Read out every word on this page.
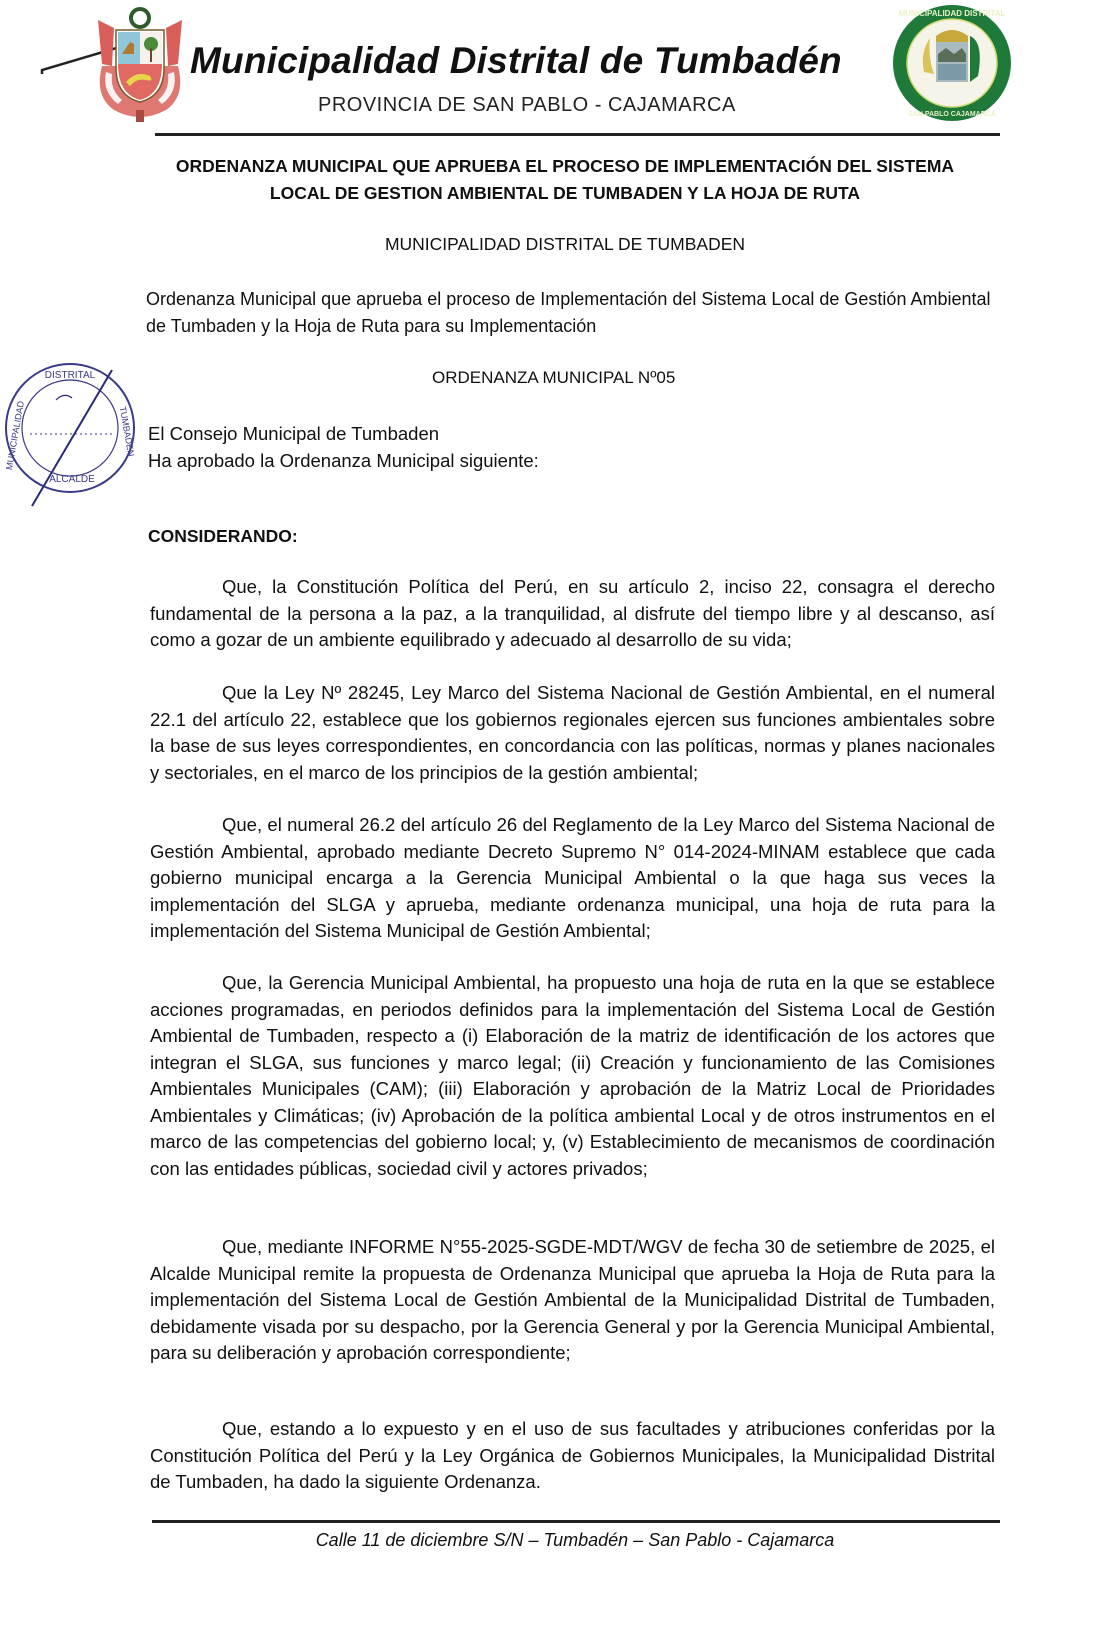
Municipalidad Distrital de Tumbadén
PROVINCIA DE SAN PABLO - CAJAMARCA
MUNICIPALIDAD DISTRITAL
SAN PABLO CAJAMARCA
ORDENANZA MUNICIPAL QUE APRUEBA EL PROCESO DE IMPLEMENTACIÓN DEL SISTEMA
LOCAL DE GESTION AMBIENTAL DE TUMBADEN Y LA HOJA DE RUTA
MUNICIPALIDAD DISTRITAL DE TUMBADEN
Ordenanza Municipal que aprueba el proceso de Implementación del Sistema Local de Gestión Ambiental de Tumbaden y la Hoja de Ruta para su Implementación
ORDENANZA MUNICIPAL Nº05
DISTRITAL
MUNICIPALIDAD	TUMBADEN
ALCALDE
El Consejo Municipal de Tumbaden
Ha aprobado la Ordenanza Municipal siguiente:
CONSIDERANDO:
Que, la Constitución Política del Perú, en su artículo 2, inciso 22, consagra el derecho fundamental de la persona a la paz, a la tranquilidad, al disfrute del tiempo libre y al descanso, así como a gozar de un ambiente equilibrado y adecuado al desarrollo de su vida;
Que la Ley Nº 28245, Ley Marco del Sistema Nacional de Gestión Ambiental, en el numeral 22.1 del artículo 22, establece que los gobiernos regionales ejercen sus funciones ambientales sobre la base de sus leyes correspondientes, en concordancia con las políticas, normas y planes nacionales y sectoriales, en el marco de los principios de la gestión ambiental;
Que, el numeral 26.2 del artículo 26 del Reglamento de la Ley Marco del Sistema Nacional de Gestión Ambiental, aprobado mediante Decreto Supremo N° 014-2024-MINAM establece que cada gobierno municipal encarga a la Gerencia Municipal Ambiental o la que haga sus veces la implementación del SLGA y aprueba, mediante ordenanza municipal, una hoja de ruta para la implementación del Sistema Municipal de Gestión Ambiental;
Que, la Gerencia Municipal Ambiental, ha propuesto una hoja de ruta en la que se establece acciones programadas, en periodos definidos para la implementación del Sistema Local de Gestión Ambiental de Tumbaden, respecto a (i) Elaboración de la matriz de identificación de los actores que integran el SLGA, sus funciones y marco legal; (ii) Creación y funcionamiento de las Comisiones Ambientales Municipales (CAM); (iii) Elaboración y aprobación de la Matriz Local de Prioridades Ambientales y Climáticas; (iv) Aprobación de la política ambiental Local y de otros instrumentos en el marco de las competencias del gobierno local; y, (v) Establecimiento de mecanismos de coordinación con las entidades públicas, sociedad civil y actores privados;
Que, mediante INFORME N°55-2025-SGDE-MDT/WGV de fecha 30 de setiembre de 2025, el Alcalde Municipal remite la propuesta de Ordenanza Municipal que aprueba la Hoja de Ruta para la implementación del Sistema Local de Gestión Ambiental de la Municipalidad Distrital de Tumbaden, debidamente visada por su despacho, por la Gerencia General y por la Gerencia Municipal Ambiental, para su deliberación y aprobación correspondiente;
Que, estando a lo expuesto y en el uso de sus facultades y atribuciones conferidas por la Constitución Política del Perú y la Ley Orgánica de Gobiernos Municipales, la Municipalidad Distrital de Tumbaden, ha dado la siguiente Ordenanza.
Calle 11 de diciembre S/N – Tumbadén – San Pablo - Cajamarca
